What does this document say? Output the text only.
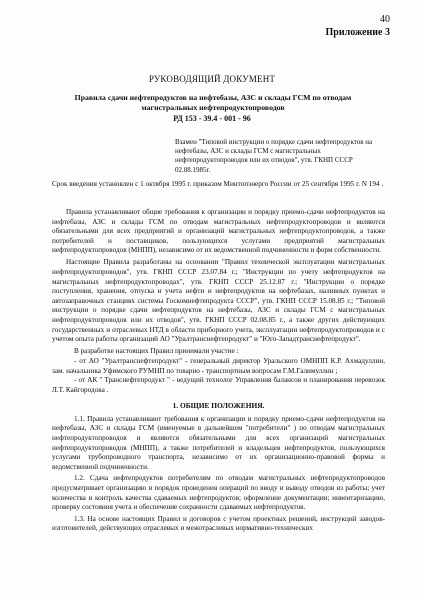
40
Приложение 3
РУКОВОДЯЩИЙ ДОКУМЕНТ
Правила сдачи нефтепродуктов на нефтебазы, АЗС и склады ГСМ по отводам магистральных нефтепродуктопроводов
РД 153 - 39.4 - 001 - 96
Взамен "Типовой инструкции о порядке сдачи нефтепродуктов на нефтебазы, АЗС и склады ГСМ с магистральных нефтепродуктопроводов или их отводов", утв. ГКНП СССР 02.08.1985г.
Срок введения установлен с 1 октября 1995 г. приказом Минтопэнерго России от 25 сентября 1995 г. N 194 .

Правила устанавливают общие требования к организации и порядку приемо-сдачи нефтепродуктов на нефтебазы, АЗС и склады ГСМ по отводам магистральных нефтепродуктопроводов и являются обязательными для всех предприятий и организаций магистральных нефтепродуктопроводов, а также потребителей и поставщиков, пользующихся услугами предприятий магистральных нефтепродуктопроводов (МНПП), независимо от их ведомственной подчиненности и форм собственности.

Настоящие Правила разработаны на основании "Правил технической эксплуатации магистральных нефтепродуктопроводов", утв. ГКНП СССР 23.07.84 г.; "Инструкции по учету нефтепродуктов на магистральных нефтепродуктопроводах", утв. ГКНП СССР 25.12.87 г.; "Инструкции о порядке поступления, хранения, отпуска и учета нефти и нефтепродуктов на нефтебазах, наливных пунктах и автозаправочных станциях системы Госкомнефтепродукта СССР", утв. ГКНП СССР 15.08.85 г.; "Типовой инструкции о порядке сдачи нефтепродуктов на нефтебазы, АЗС и склады ГСМ с магистральных нефтепродуктопроводов или их отводов", утв. ГКНП СССР 02.08.85 г., а также других действующих государственных и отраслевых НТД в области приборного учета, эксплуатации нефтепродуктопроводов и с учетом опыта работы организаций АО "Уралтранснефтепродукт" и "Юго-Западтранснефтепродукт".

В разработке настоящих Правил принимали участие :

- от АО "Уралтранснефтепродукт" - генеральный директор Уральского ОМНПП К.Р. Ахмадуллин, зам. начальника Уфимского РУМНП по товарно - транспортным вопросам Г.М.Галимуллин ;

- от АК " Транснефтепродукт " - ведущий технолог Управления балансов и планирования перевозок Л.Т. Кайгородова .

1. ОБЩИЕ ПОЛОЖЕНИЯ.

1.1. Правила устанавливают требования к организации и порядку приемо-сдачи нефтепродуктов на нефтебазы, АЗС и склады ГСМ (именуемые в дальнейшем "потребители" ) по отводам магистральных нефтепродуктопроводов и являются обязательными для всех организаций магистральных нефтепродуктопроводов (МНПП), а также потребителей и владельцев нефтепродуктов, пользующихся услугами трубопроводного транспорта, независимо от их организационно-правовой формы и ведомственной подчиненности.

1.2. Сдача нефтепродуктов потребителям по отводам магистральных нефтепродуктопроводов предусматривает организацию и порядок проведения операций по вводу и выводу отводов из работы; учет количества и контроль качества сдаваемых нефтепродуктов; оформление документации; инвентаризацию, проверку состояния учета и обеспечение сохранности сдаваемых нефтепродуктов.

1.3. На основе настоящих Правил и договоров с учетом проектных решений, инструкций заводов-изготовителей, действующих отраслевых и межотраслевых нормативно-технических
